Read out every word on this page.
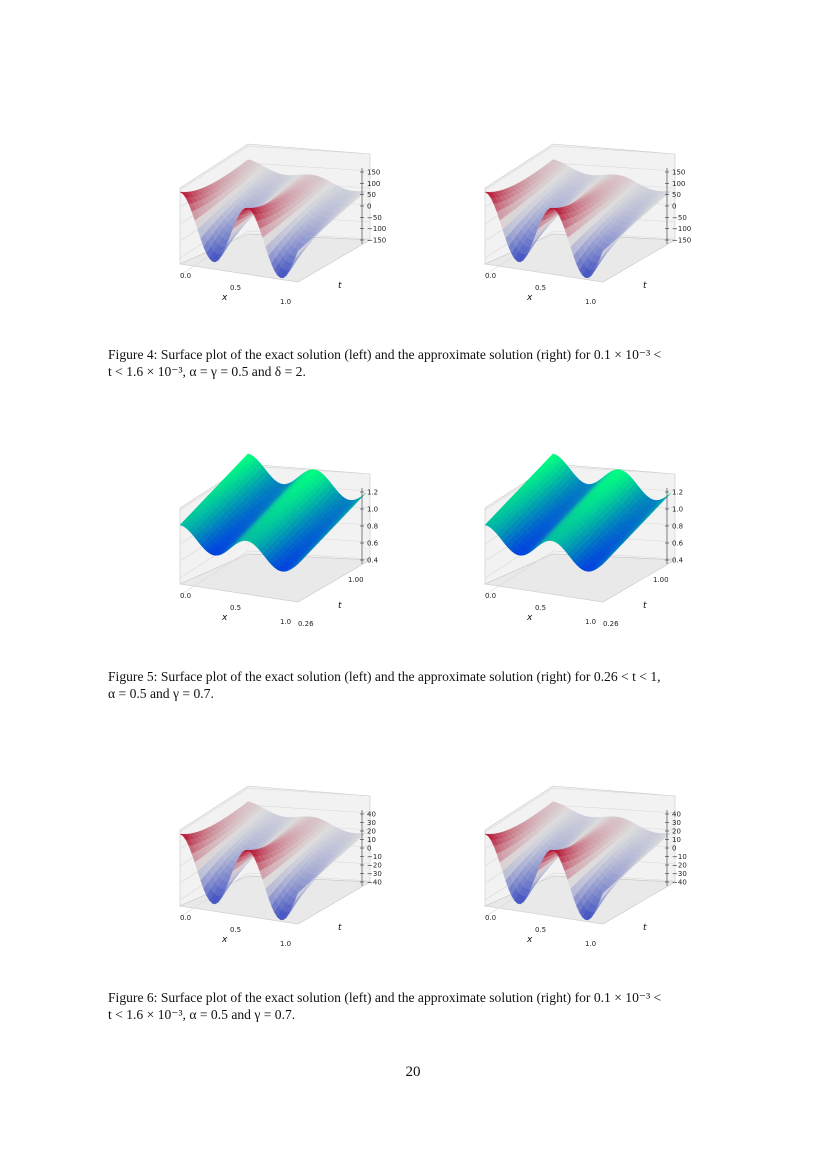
150
100
50
0
−50
−100
−150
0.0
0.5
1.0
x
t
150
100
50
0
−50
−100
−150
0.0
0.5
1.0
x
t
Figure 4: Surface plot of the exact solution (left) and the approximate solution (right) for 0.1 × 10⁻³ <
t < 1.6 × 10⁻³, α = γ = 0.5 and δ = 2.
1.2
1.0
0.8
0.6
0.4
0.0
0.5
1.0
x
0.26
1.00
t
1.2
1.0
0.8
0.6
0.4
0.0
0.5
1.0
x
0.26
1.00
t
Figure 5: Surface plot of the exact solution (left) and the approximate solution (right) for 0.26 < t < 1,
α = 0.5 and γ = 0.7.
40
30
20
10
0
−10
−20
−30
−40
0.0
0.5
1.0
x
t
40
30
20
10
0
−10
−20
−30
−40
0.0
0.5
1.0
x
t
Figure 6: Surface plot of the exact solution (left) and the approximate solution (right) for 0.1 × 10⁻³ <
t < 1.6 × 10⁻³, α = 0.5 and γ = 0.7.
20
